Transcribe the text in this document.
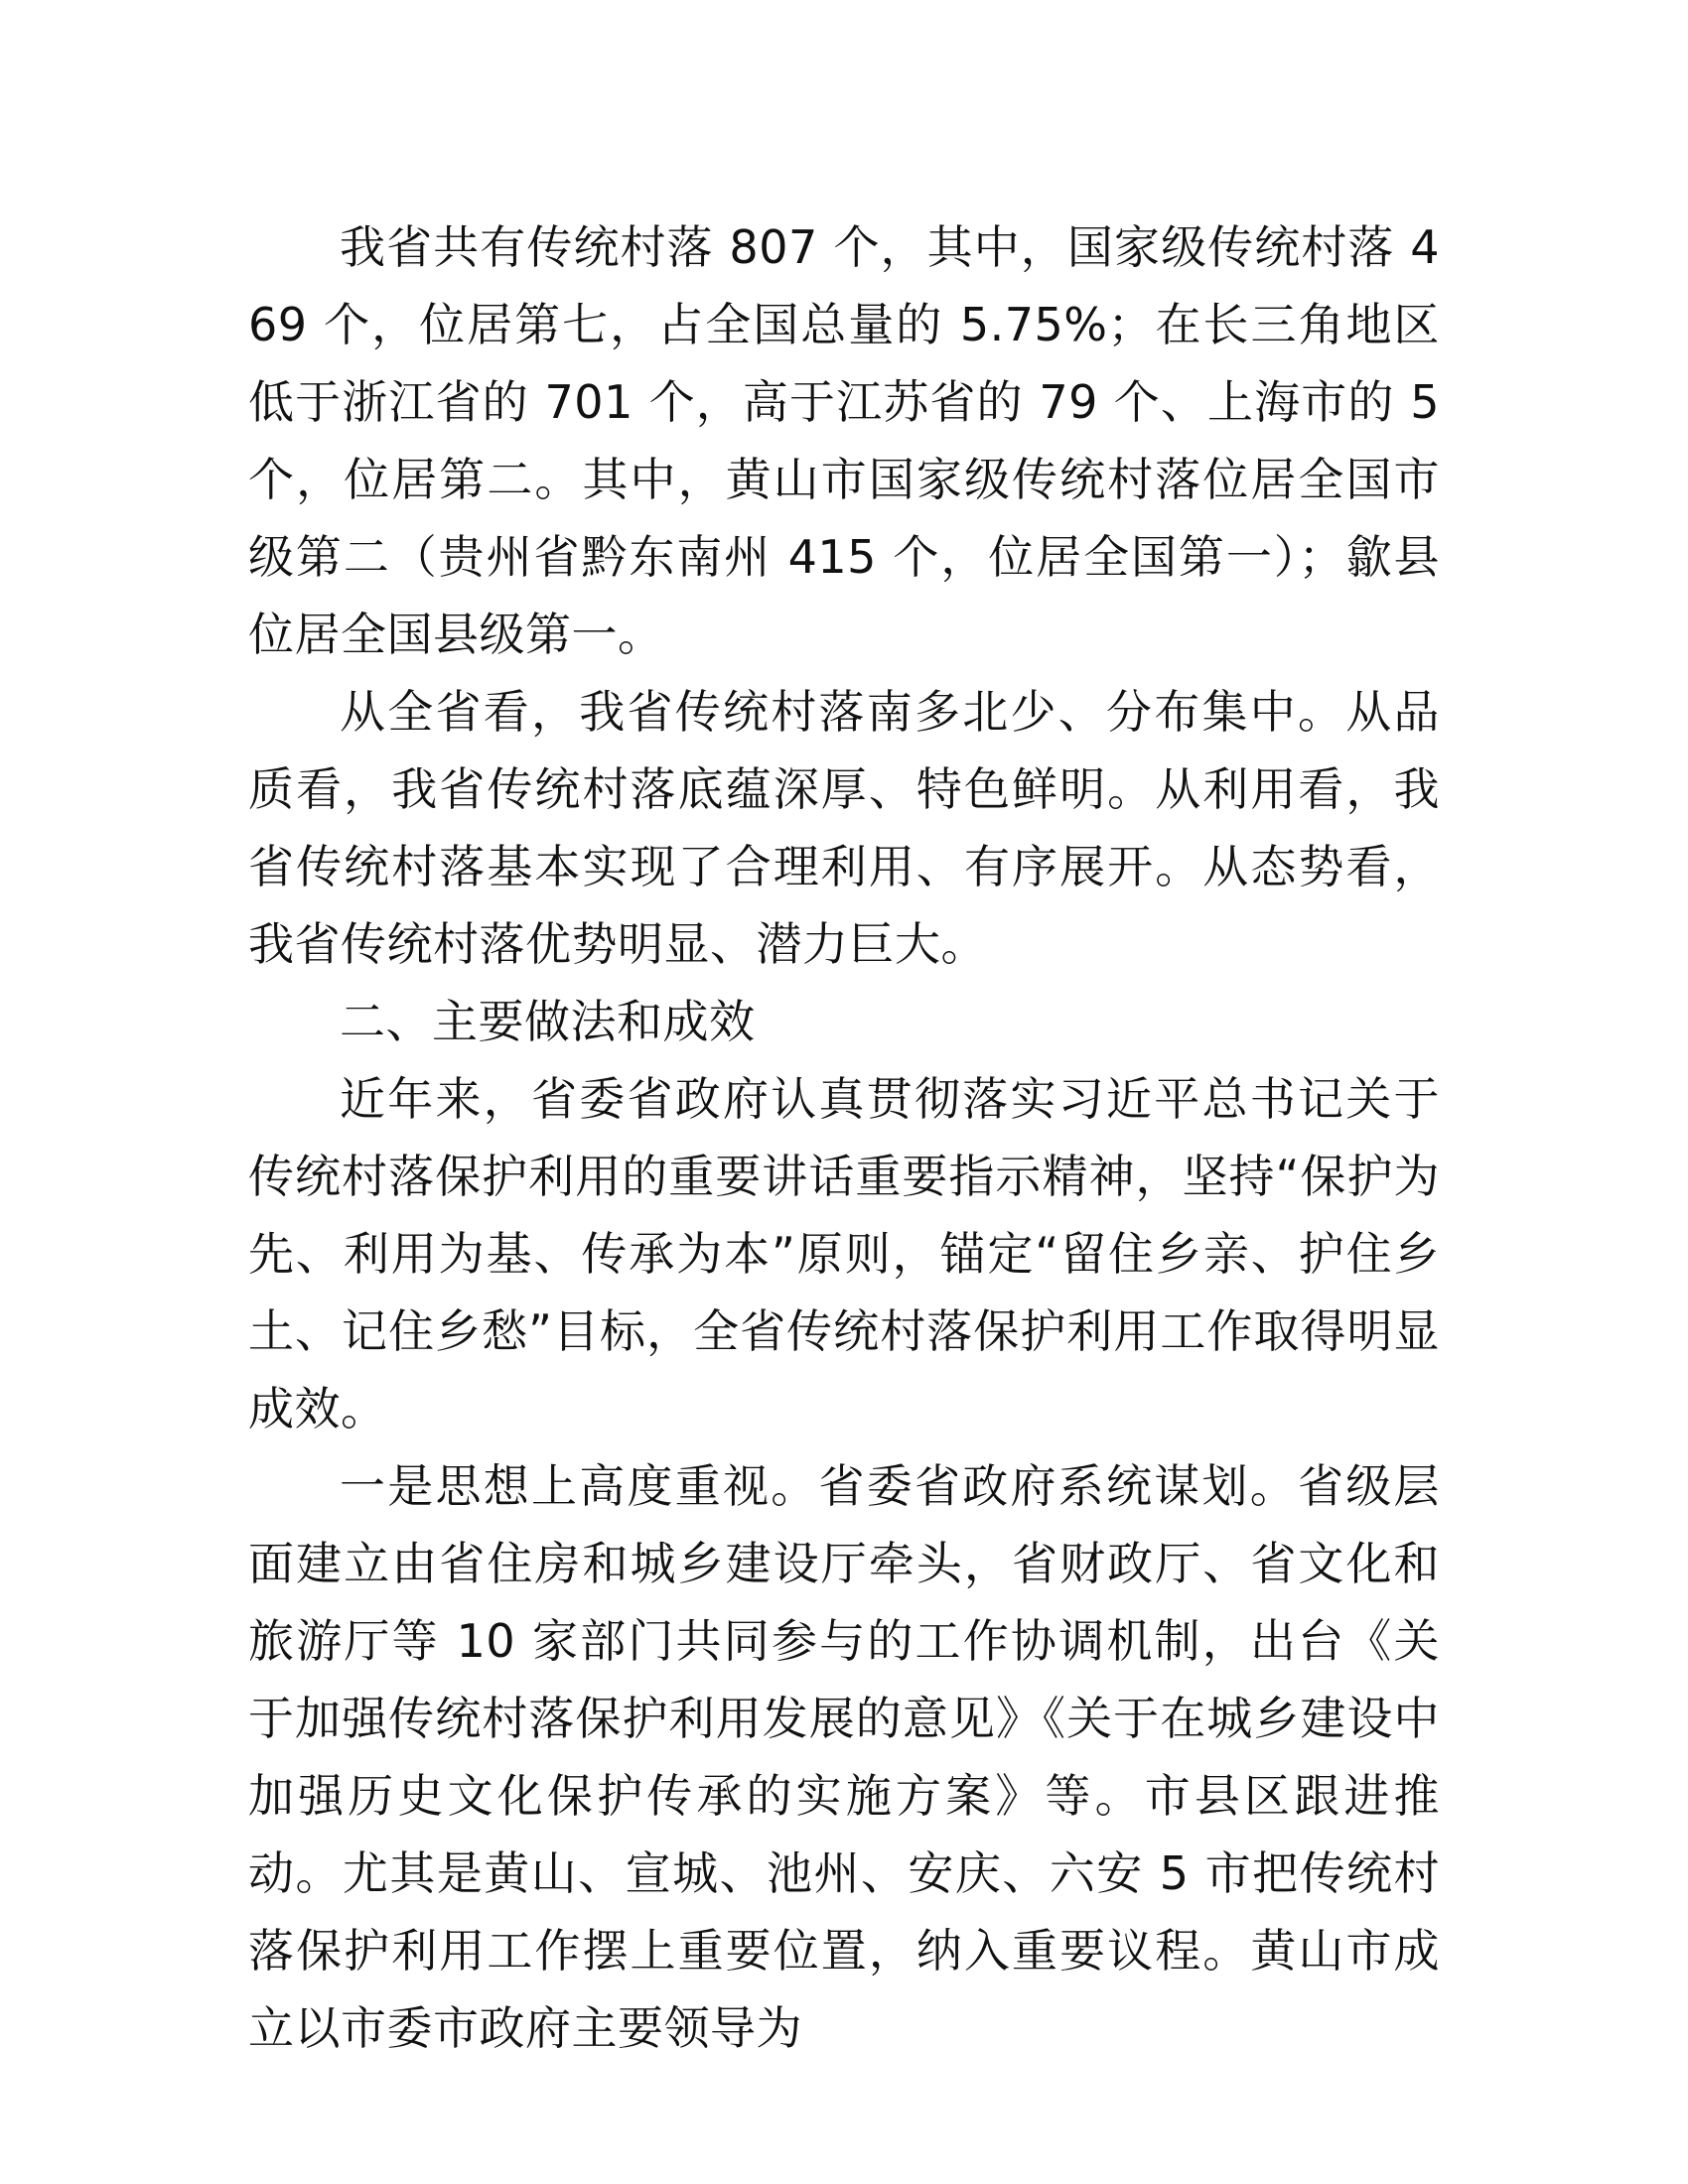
我省共有传统村落 807 个，其中，国家级传统村落 469 个，位居第七，占全国总量的 5.75%；在长三角地区低于浙江省的 701 个，高于江苏省的 79 个、上海市的 5 个，位居第二。其中，黄山市国家级传统村落位居全国市级第二（贵州省黔东南州 415 个，位居全国第一）；歙县位居全国县级第一。

从全省看，我省传统村落南多北少、分布集中。从品质看，我省传统村落底蕴深厚、特色鲜明。从利用看，我省传统村落基本实现了合理利用、有序展开。从态势看，我省传统村落优势明显、潜力巨大。

二、主要做法和成效

近年来，省委省政府认真贯彻落实习近平总书记关于传统村落保护利用的重要讲话重要指示精神，坚持“保护为先、利用为基、传承为本”原则，锚定“留住乡亲、护住乡土、记住乡愁”目标，全省传统村落保护利用工作取得明显成效。

一是思想上高度重视。省委省政府系统谋划。省级层面建立由省住房和城乡建设厅牵头，省财政厅、省文化和旅游厅等 10 家部门共同参与的工作协调机制，出台《关于加强传统村落保护利用发展的意见》《关于在城乡建设中加强历史文化保护传承的实施方案》等。市县区跟进推动。尤其是黄山、宣城、池州、安庆、六安 5 市把传统村落保护利用工作摆上重要位置，纳入重要议程。黄山市成立以市委市政府主要领导为
